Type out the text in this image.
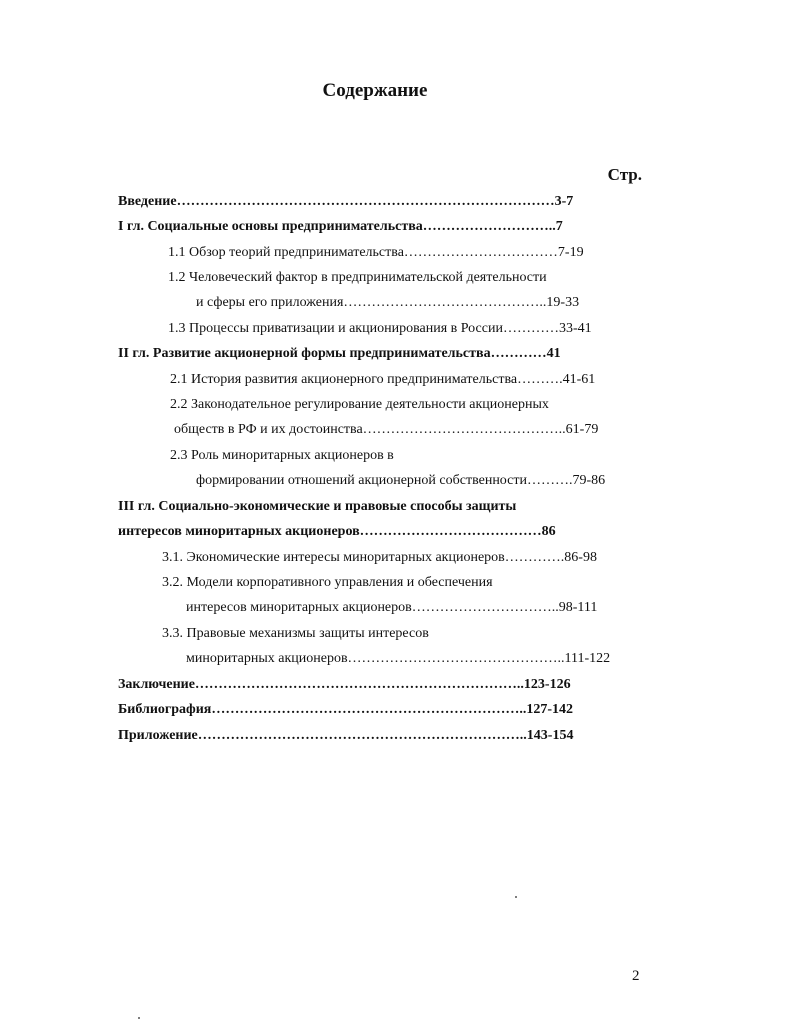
Содержание
Стр.
Введение………………………………………………………………………3-7
I гл. Социальные основы предпринимательства………………………..7
1.1 Обзор теорий предпринимательства……………………………7-19
1.2 Человеческий фактор в предпринимательской деятельности
и сферы его приложения……………………………………..19-33
1.3 Процессы приватизации и акционирования в России…………33-41
II гл. Развитие акционерной формы предпринимательства…………41
2.1 История развития акционерного предпринимательства……….41-61
2.2 Законодательное регулирование деятельности акционерных
обществ в РФ и их достоинства……………………………………..61-79
2.3 Роль миноритарных акционеров в
формировании отношений акционерной собственности……….79-86
III гл. Социально-экономические и правовые способы защиты
интересов миноритарных акционеров…………………………………86
3.1. Экономические интересы миноритарных акционеров………….86-98
3.2. Модели корпоративного управления и обеспечения
интересов миноритарных акционеров…………………………..98-111
3.3. Правовые механизмы защиты интересов
миноритарных акционеров………………………………………..111-122
Заключение……………………………………………………………..123-126
Библиография…………………………………………………………..127-142
Приложение……………………………………………………………..143-154
2
